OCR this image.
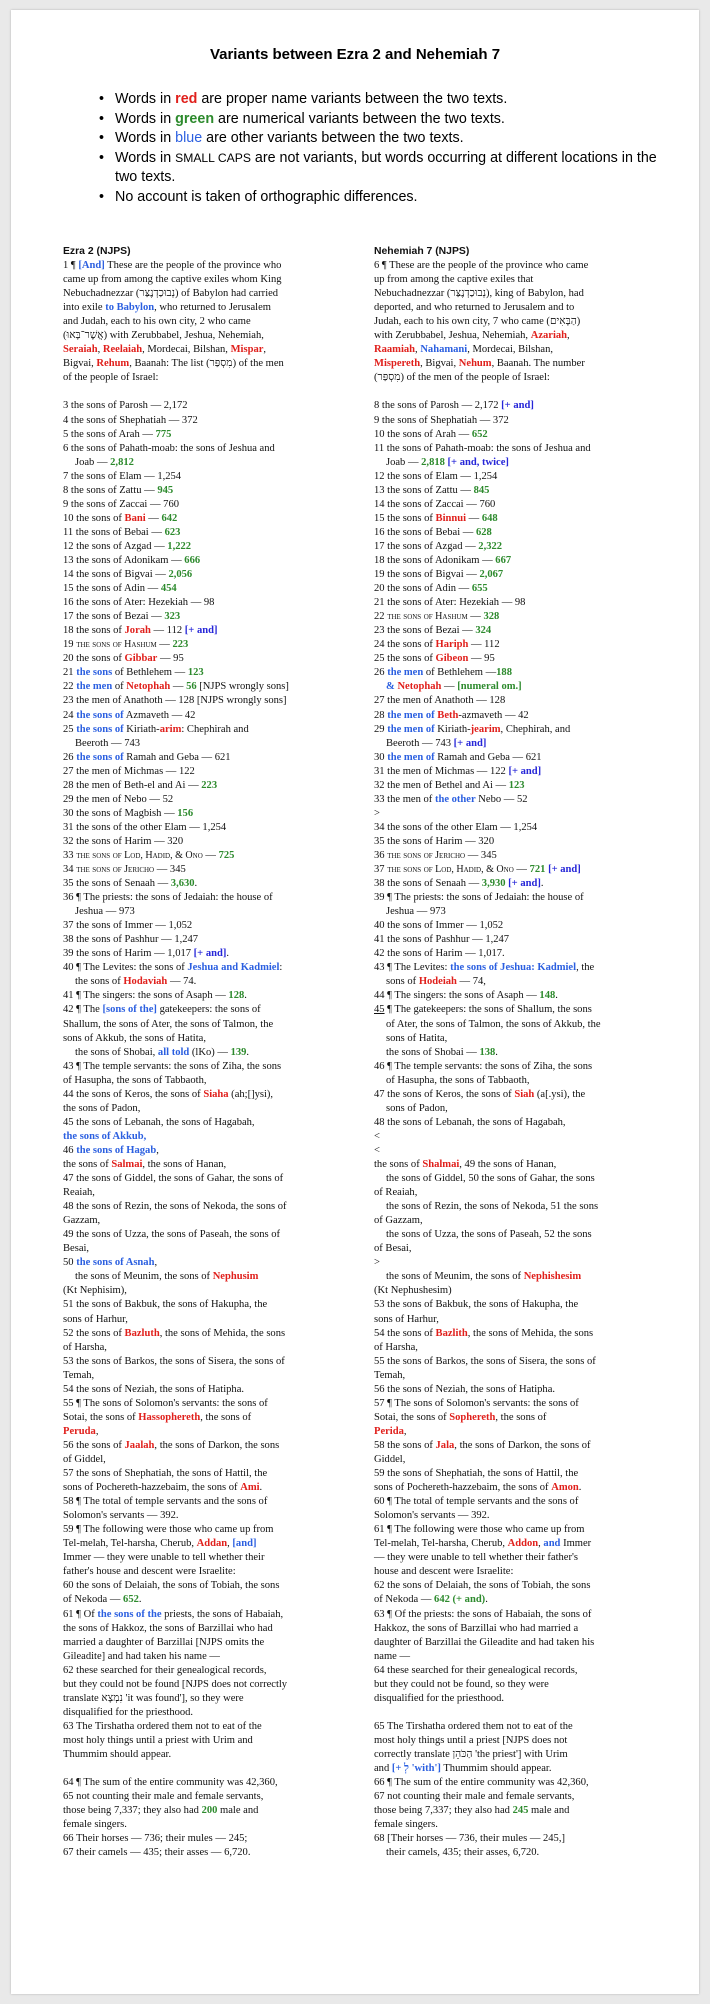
Variants between Ezra 2 and Nehemiah 7
• Words in red are proper name variants between the two texts.
• Words in green are numerical variants between the two texts.
• Words in blue are other variants between the two texts.
• Words in SMALL CAPS are not variants, but words occurring at different locations in the two texts.
• No account is taken of orthographic differences.
Ezra 2 (NJPS)
1 ¶ [And] These are the people of the province who
came up from among the captive exiles whom King
Nebuchadnezzar (נְבוּכַדְנֶצַּר) of Babylon had carried
into exile to Babylon, who returned to Jerusalem
and Judah, each to his own city, 2 who came
(אֲשֶׁר־בָּאוּ) with Zerubbabel, Jeshua, Nehemiah,
Seraiah, Reelaiah, Mordecai, Bilshan, Mispar,
Bigvai, Rehum, Baanah: The list (מִסְפַּר) of the men
of the people of Israel:
3 the sons of Parosh — 2,172
4 the sons of Shephatiah — 372
5 the sons of Arah — 775
6 the sons of Pahath-moab: the sons of Jeshua and
Joab — 2,812
7 the sons of Elam — 1,254
8 the sons of Zattu — 945
9 the sons of Zaccai — 760
10 the sons of Bani — 642
11 the sons of Bebai — 623
12 the sons of Azgad — 1,222
13 the sons of Adonikam — 666
14 the sons of Bigvai — 2,056
15 the sons of Adin — 454
16 the sons of Ater: Hezekiah — 98
17 the sons of Bezai — 323
18 the sons of Jorah — 112 [+ and]
19 the sons of Hashum — 223
20 the sons of Gibbar — 95
21 the sons of Bethlehem — 123
22 the men of Netophah — 56 [NJPS wrongly sons]
23 the men of Anathoth — 128 [NJPS wrongly sons]
24 the sons of Azmaveth — 42
25 the sons of Kiriath-arim: Chephirah and
Beeroth — 743
26 the sons of Ramah and Geba — 621
27 the men of Michmas — 122
28 the men of Beth-el and Ai — 223
29 the men of Nebo — 52
30 the sons of Magbish — 156
31 the sons of the other Elam — 1,254
32 the sons of Harim — 320
33 the sons of Lod, Hadid, & Ono — 725
34 the sons of Jericho — 345
35 the sons of Senaah — 3,630.
36 ¶ The priests: the sons of Jedaiah: the house of
Jeshua — 973
37 the sons of Immer — 1,052
38 the sons of Pashhur — 1,247
39 the sons of Harim — 1,017 [+ and].
40 ¶ The Levites: the sons of Jeshua and Kadmiel:
the sons of Hodaviah — 74.
41 ¶ The singers: the sons of Asaph — 128.
42 ¶ The [sons of the] gatekeepers: the sons of
Shallum, the sons of Ater, the sons of Talmon, the
sons of Akkub, the sons of Hatita,
the sons of Shobai, all told (lKo) — 139.
43 ¶ The temple servants: the sons of Ziha, the sons
of Hasupha, the sons of Tabbaoth,
44 the sons of Keros, the sons of Siaha (ah;[]ysi),
the sons of Padon,
45 the sons of Lebanah, the sons of Hagabah,
the sons of Akkub,
46 the sons of Hagab,
the sons of Salmai, the sons of Hanan,
47 the sons of Giddel, the sons of Gahar, the sons of
Reaiah,
48 the sons of Rezin, the sons of Nekoda, the sons of
Gazzam,
49 the sons of Uzza, the sons of Paseah, the sons of
Besai,
50 the sons of Asnah,
the sons of Meunim, the sons of Nephusim
(Kt Nephisim),
51 the sons of Bakbuk, the sons of Hakupha, the
sons of Harhur,
52 the sons of Bazluth, the sons of Mehida, the sons
of Harsha,
53 the sons of Barkos, the sons of Sisera, the sons of
Temah,
54 the sons of Neziah, the sons of Hatipha.
55 ¶ The sons of Solomon's servants: the sons of
Sotai, the sons of Hassophereth, the sons of
Peruda,
56 the sons of Jaalah, the sons of Darkon, the sons
of Giddel,
57 the sons of Shephatiah, the sons of Hattil, the
sons of Pochereth-hazzebaim, the sons of Ami.
58 ¶ The total of temple servants and the sons of
Solomon's servants — 392.
59 ¶ The following were those who came up from
Tel-melah, Tel-harsha, Cherub, Addan, [and]
Immer — they were unable to tell whether their
father's house and descent were Israelite:
60 the sons of Delaiah, the sons of Tobiah, the sons
of Nekoda — 652.
61 ¶ Of the sons of the priests, the sons of Habaiah,
the sons of Hakkoz, the sons of Barzillai who had
married a daughter of Barzillai [NJPS omits the
Gileadite] and had taken his name —
62 these searched for their genealogical records,
but they could not be found [NJPS does not correctly
translate נִמְצָא 'it was found'], so they were
disqualified for the priesthood.
63 The Tirshatha ordered them not to eat of the
most holy things until a priest with Urim and
Thummim should appear.
64 ¶ The sum of the entire community was 42,360,
65 not counting their male and female servants,
those being 7,337; they also had 200 male and
female singers.
66 Their horses — 736; their mules — 245;
67 their camels — 435; their asses — 6,720.
Nehemiah 7 (NJPS)
6 ¶ These are the people of the province who came
up from among the captive exiles that
Nebuchadnezzar (נְבוּכַדְנֶצַּר), king of Babylon, had
deported, and who returned to Jerusalem and to
Judah, each to his own city, 7 who came (הַבָּאִים)
with Zerubbabel, Jeshua, Nehemiah, Azariah,
Raamiah, Nahamani, Mordecai, Bilshan,
Mispereth, Bigvai, Nehum, Baanah. The number
(מִסְפַּר) of the men of the people of Israel:
8 the sons of Parosh — 2,172 [+ and]
9 the sons of Shephatiah — 372
10 the sons of Arah — 652
11 the sons of Pahath-moab: the sons of Jeshua and
Joab — 2,818 [+ and, twice]
12 the sons of Elam — 1,254
13 the sons of Zattu — 845
14 the sons of Zaccai — 760
15 the sons of Binnui — 648
16 the sons of Bebai — 628
17 the sons of Azgad — 2,322
18 the sons of Adonikam — 667
19 the sons of Bigvai — 2,067
20 the sons of Adin — 655
21 the sons of Ater: Hezekiah — 98
22 the sons of Hashum — 328
23 the sons of Bezai — 324
24 the sons of Hariph — 112
25 the sons of Gibeon — 95
26 the men of Bethlehem —188
& Netophah — [numeral om.]
27 the men of Anathoth — 128
28 the men of Beth-azmaveth — 42
29 the men of Kiriath-jearim, Chephirah, and
Beeroth — 743 [+ and]
30 the men of Ramah and Geba — 621
31 the men of Michmas — 122 [+ and]
32 the men of Bethel and Ai — 123
33 the men of the other Nebo — 52
>
34 the sons of the other Elam — 1,254
35 the sons of Harim — 320
36 the sons of Jericho — 345
37 the sons of Lod, Hadid, & Ono — 721 [+ and]
38 the sons of Senaah — 3,930 [+ and].
39 ¶ The priests: the sons of Jedaiah: the house of
Jeshua — 973
40 the sons of Immer — 1,052
41 the sons of Pashhur — 1,247
42 the sons of Harim — 1,017.
43 ¶ The Levites: the sons of Jeshua: Kadmiel, the
sons of Hodeiah — 74,
44 ¶ The singers: the sons of Asaph — 148.
45 ¶ The gatekeepers: the sons of Shallum, the sons
of Ater, the sons of Talmon, the sons of Akkub, the
sons of Hatita,
the sons of Shobai — 138.
46 ¶ The temple servants: the sons of Ziha, the sons
of Hasupha, the sons of Tabbaoth,
47 the sons of Keros, the sons of Siah (a[.ysi), the
sons of Padon,
48 the sons of Lebanah, the sons of Hagabah,
<
<
the sons of Shalmai, 49 the sons of Hanan,
the sons of Giddel, 50 the sons of Gahar, the sons
of Reaiah,
the sons of Rezin, the sons of Nekoda, 51 the sons
of Gazzam,
the sons of Uzza, the sons of Paseah, 52 the sons
of Besai,
>
the sons of Meunim, the sons of Nephishesim
(Kt Nephushesim)
53 the sons of Bakbuk, the sons of Hakupha, the
sons of Harhur,
54 the sons of Bazlith, the sons of Mehida, the sons
of Harsha,
55 the sons of Barkos, the sons of Sisera, the sons of
Temah,
56 the sons of Neziah, the sons of Hatipha.
57 ¶ The sons of Solomon's servants: the sons of
Sotai, the sons of Sophereth, the sons of
Perida,
58 the sons of Jala, the sons of Darkon, the sons of
Giddel,
59 the sons of Shephatiah, the sons of Hattil, the
sons of Pochereth-hazzebaim, the sons of Amon.
60 ¶ The total of temple servants and the sons of
Solomon's servants — 392.
61 ¶ The following were those who came up from
Tel-melah, Tel-harsha, Cherub, Addon, and Immer
— they were unable to tell whether their father's
house and descent were Israelite:
62 the sons of Delaiah, the sons of Tobiah, the sons
of Nekoda — 642 (+ and).
63 ¶ Of the priests: the sons of Habaiah, the sons of
Hakkoz, the sons of Barzillai who had married a
daughter of Barzillai the Gileadite and had taken his
name —
64 these searched for their genealogical records,
but they could not be found, so they were
disqualified for the priesthood.
65 The Tirshatha ordered them not to eat of the
most holy things until a priest [NJPS does not
correctly translate הַכֹּהֵן 'the priest'] with Urim
and [+ לְ 'with'] Thummim should appear.
66 ¶ The sum of the entire community was 42,360,
67 not counting their male and female servants,
those being 7,337; they also had 245 male and
female singers.
68 [Their horses — 736, their mules — 245,]
their camels, 435; their asses, 6,720.
